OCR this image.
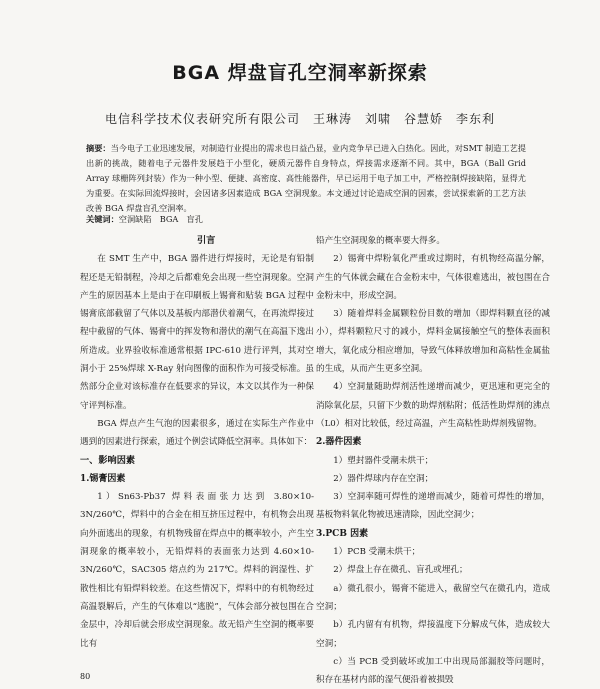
BGA 焊盘盲孔空洞率新探索
电信科学技术仪表研究所有限公司　王琳涛　刘啸　谷慧娇　李东利
摘要：当今电子工业迅速发展，对制造行业提出的需求也日益凸显，业内竞争早已进入白热化。因此，对SMT 制造工艺提出新的挑战，随着电子元器件发展趋于小型化，硬质元器件自身特点，焊接需求逐渐不同。其中，BGA（Ball Grid Array 球栅阵列封装）作为一种小型、便捷、高密度、高性能器件，早已运用于电子加工中，严格控制焊接缺陷，显得尤为重要。在实际回流焊接时，会因诸多因素造成 BGA 空洞现象。本文通过讨论造成空洞的因素，尝试探索新的工艺方法改善 BGA 焊盘盲孔空洞率。
关键词：空洞缺陷　BGA　盲孔

引言

在 SMT 生产中，BGA 器件进行焊接时，无论是有铅制程还是无铅制程，冷却之后都难免会出现一些空洞现象。空洞产生的原因基本上是由于在印刷板上锡膏和贴装 BGA 过程中锡膏底部截留了气体以及基板内部潜伏着潮气，在再流焊接过程中截留的气体、锡膏中的挥发物和潜伏的潮气在高温下逸出所造成。业界验收标准通常根据 IPC-610 进行评判，其对空洞小于 25%焊球 X-Ray 射向图像的面积作为可接受标准。虽然部分企业对该标准存在低要求的异议，本文以其作为一种保守评判标准。

BGA 焊点产生气泡的因素很多，通过在实际生产作业中遇到的因素进行探索，通过个例尝试降低空洞率。具体如下：

一、影响因素

1.锡膏因素

1）Sn63-Pb37 焊料表面张力达到 3.80×10-3N/260℃，焊料中的合金在相互挤压过程中，有机物会出现向外面逃出的现象，有机物残留在焊点中的概率较小，产生空洞现象的概率较小，无铅焊料的表面张力达到 4.60×10-3N/260℃，SAC305 熔点约为 217℃。焊料的润湿性、扩散性相比有铅焊料较差。在这些情况下，焊料中的有机物经过高温裂解后，产生的气体难以“逃脱”，气体会部分被包围在合金层中，冷却后就会形成空洞现象。故无铅产生空洞的概率要比有

铅产生空洞现象的概率要大得多。

2）锡膏中焊粉氧化严重或过期时，有机物经高温分解，产生的气体就会藏在合金粉末中，气体很难逃出，被包围在合金粉末中，形成空洞。

3）随着焊料金属颗粒份目数的增加（即焊料颗直径的减小），焊料颗粒尺寸的减小，焊料金属接触空气的整体表面积增大，氧化成分相应增加，导致气体释放增加和高粘性金属盐的生成，从而产生更多空洞。

4）空洞量随助焊剂活性递增而减少，更迅速和更完全的消除氧化层，只留下少数的助焊剂粘附；低活性助焊剂的沸点（L0）相对比较低，经过高温，产生高粘性助焊剂残留物。

2.器件因素

1）塑封器件受潮未烘干；

2）器件焊球内存在空洞；

3）空洞率随可焊性的递增而减少，随着可焊性的增加，基板物料氧化物被迅速清除，因此空洞少；

3.PCB 因素

1）PCB 受潮未烘干；

2）焊盘上存在微孔、盲孔或埋孔；

a）微孔很小，锡膏不能进入，截留空气在微孔内，造成空洞；

b）孔内留有有机物，焊接温度下分解成气体，造成较大空洞；

c）当 PCB 受到破坏或加工中出现局部漏胶等问题时，积存在基材内部的湿气便沿着被损毁

80
